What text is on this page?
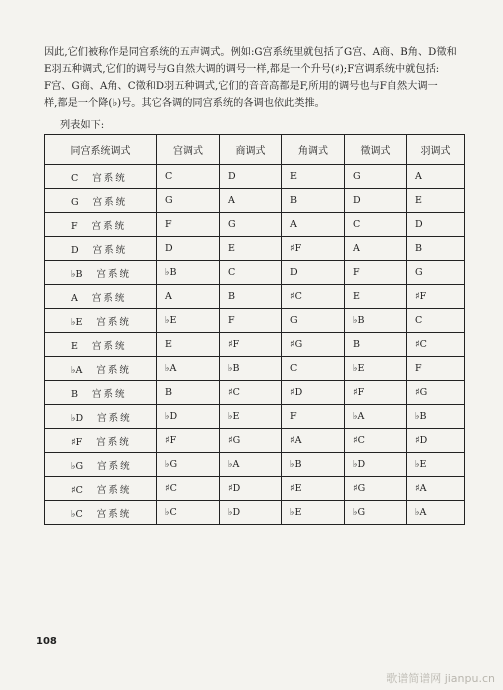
因此,它们被称作是同宫系统的五声调式。例如:G宫系统里就包括了G宫、A商、B角、D徵和
E羽五种调式,它们的调号与G自然大调的调号一样,都是一个升号(♯);F宫调系统中就包括:
F宫、G商、A角、C徵和D羽五种调式,它们的音音高都是F,所用的调号也与F自然大调一
样,都是一个降(♭)号。其它各调的同宫系统的各调也依此类推。
列表如下:
同宫系统调式	宫调式	商调式	角调式	徵调式	羽调式
C 宫系统	C	D	E	G	A
G 宫系统	G	A	B	D	E
F 宫系统	F	G	A	C	D
D 宫系统	D	E	♯F	A	B
♭B 宫系统	♭B	C	D	F	G
A 宫系统	A	B	♯C	E	♯F
♭E 宫系统	♭E	F	G	♭B	C
E 宫系统	E	♯F	♯G	B	♯C
♭A 宫系统	♭A	♭B	C	♭E	F
B 宫系统	B	♯C	♯D	♯F	♯G
♭D 宫系统	♭D	♭E	F	♭A	♭B
♯F 宫系统	♯F	♯G	♯A	♯C	♯D
♭G 宫系统	♭G	♭A	♭B	♭D	♭E
♯C 宫系统	♯C	♯D	♯E	♯G	♯A
♭C 宫系统	♭C	♭D	♭E	♭G	♭A
108
歌谱简谱网 jianpu.cn
